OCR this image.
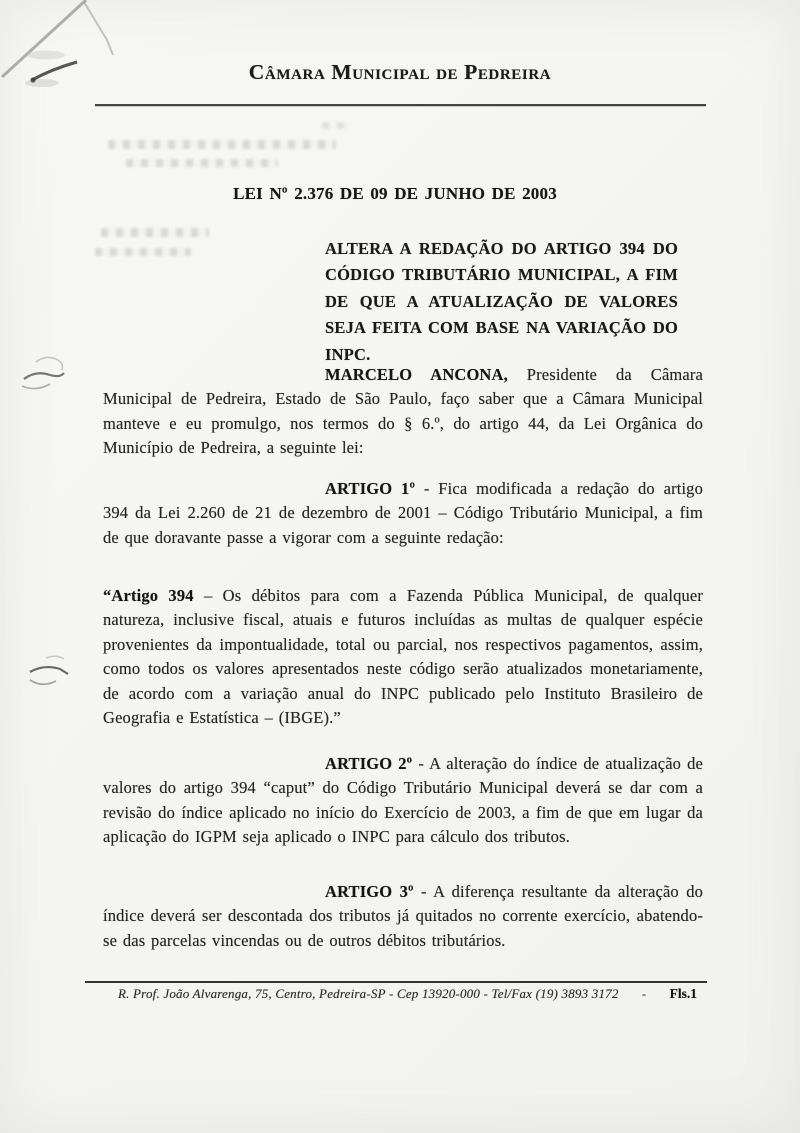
Câmara Municipal de Pedreira
LEI Nº 2.376 DE 09 DE JUNHO DE 2003
ALTERA A REDAÇÃO DO ARTIGO 394 DO CÓDIGO TRIBUTÁRIO MUNICIPAL, A FIM DE QUE A ATUALIZAÇÃO DE VALORES SEJA FEITA COM BASE NA VARIAÇÃO DO INPC.

MARCELO ANCONA, Presidente da Câmara Municipal de Pedreira, Estado de São Paulo, faço saber que a Câmara Municipal manteve e eu promulgo, nos termos do § 6.º, do artigo 44, da Lei Orgânica do Município de Pedreira, a seguinte lei:

ARTIGO 1º - Fica modificada a redação do artigo 394 da Lei 2.260 de 21 de dezembro de 2001 – Código Tributário Municipal, a fim de que doravante passe a vigorar com a seguinte redação:

“Artigo 394 – Os débitos para com a Fazenda Pública Municipal, de qualquer natureza, inclusive fiscal, atuais e futuros incluídas as multas de qualquer espécie provenientes da impontualidade, total ou parcial, nos respectivos pagamentos, assim, como todos os valores apresentados neste código serão atualizados monetariamente, de acordo com a variação anual do INPC publicado pelo Instituto Brasileiro de Geografia e Estatística – (IBGE).”

ARTIGO 2º - A alteração do índice de atualização de valores do artigo 394 “caput” do Código Tributário Municipal deverá se dar com a revisão do índice aplicado no início do Exercício de 2003, a fim de que em lugar da aplicação do IGPM seja aplicado o INPC para cálculo dos tributos.

ARTIGO 3º - A diferença resultante da alteração do índice deverá ser descontada dos tributos já quitados no corrente exercício, abatendo-se das parcelas vincendas ou de outros débitos tributários.

R. Prof. João Alvarenga, 75, Centro, Pedreira-SP - Cep 13920-000 - Tel/Fax (19) 3893 3172 - Fls.1
